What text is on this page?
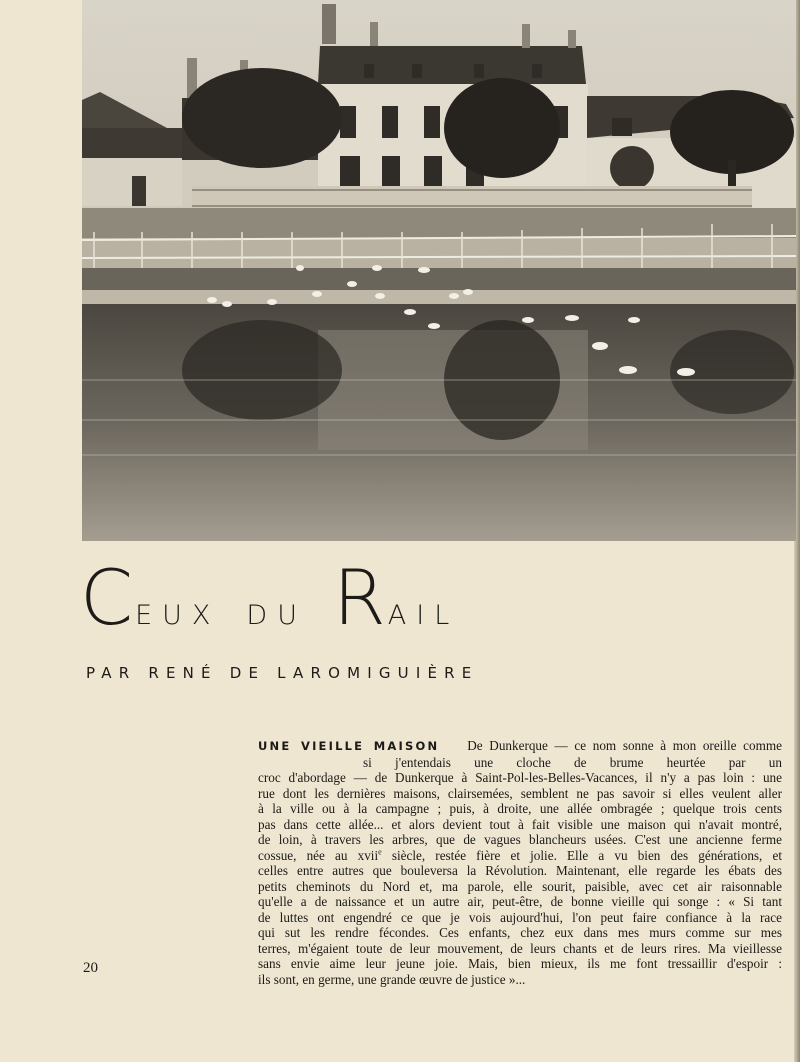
CEUX DU RAIL
PAR RENÉ DE LAROMIGUIÈRE
UNE VIEILLE MAISON De Dunkerque — ce nom sonne à mon oreille comme
si j'entendais une cloche de brume heurtée par un
croc d'abordage — de Dunkerque à Saint-Pol-les-Belles-Vacances, il n'y a pas loin : une
rue dont les dernières maisons, clairsemées, semblent ne pas savoir si elles veulent aller
à la ville ou à la campagne ; puis, à droite, une allée ombragée ; quelque trois cents
pas dans cette allée... et alors devient tout à fait visible une maison qui n'avait montré,
de loin, à travers les arbres, que de vagues blancheurs usées. C'est une ancienne ferme
cossue, née au xvii$^e$ siècle, restée fière et jolie. Elle a vu bien des générations, et
celles entre autres que bouleversa la Révolution. Maintenant, elle regarde les ébats des
petits cheminots du Nord et, ma parole, elle sourit, paisible, avec cet air raisonnable
qu'elle a de naissance et un autre air, peut-être, de bonne vieille qui songe : « Si tant
de luttes ont engendré ce que je vois aujourd'hui, l'on peut faire confiance à la race
qui sut les rendre fécondes. Ces enfants, chez eux dans mes murs comme sur mes
terres, m'égaient toute de leur mouvement, de leurs chants et de leurs rires. Ma vieillesse
sans envie aime leur jeune joie. Mais, bien mieux, ils me font tressaillir d'espoir :
ils sont, en germe, une grande œuvre de justice »...
20
